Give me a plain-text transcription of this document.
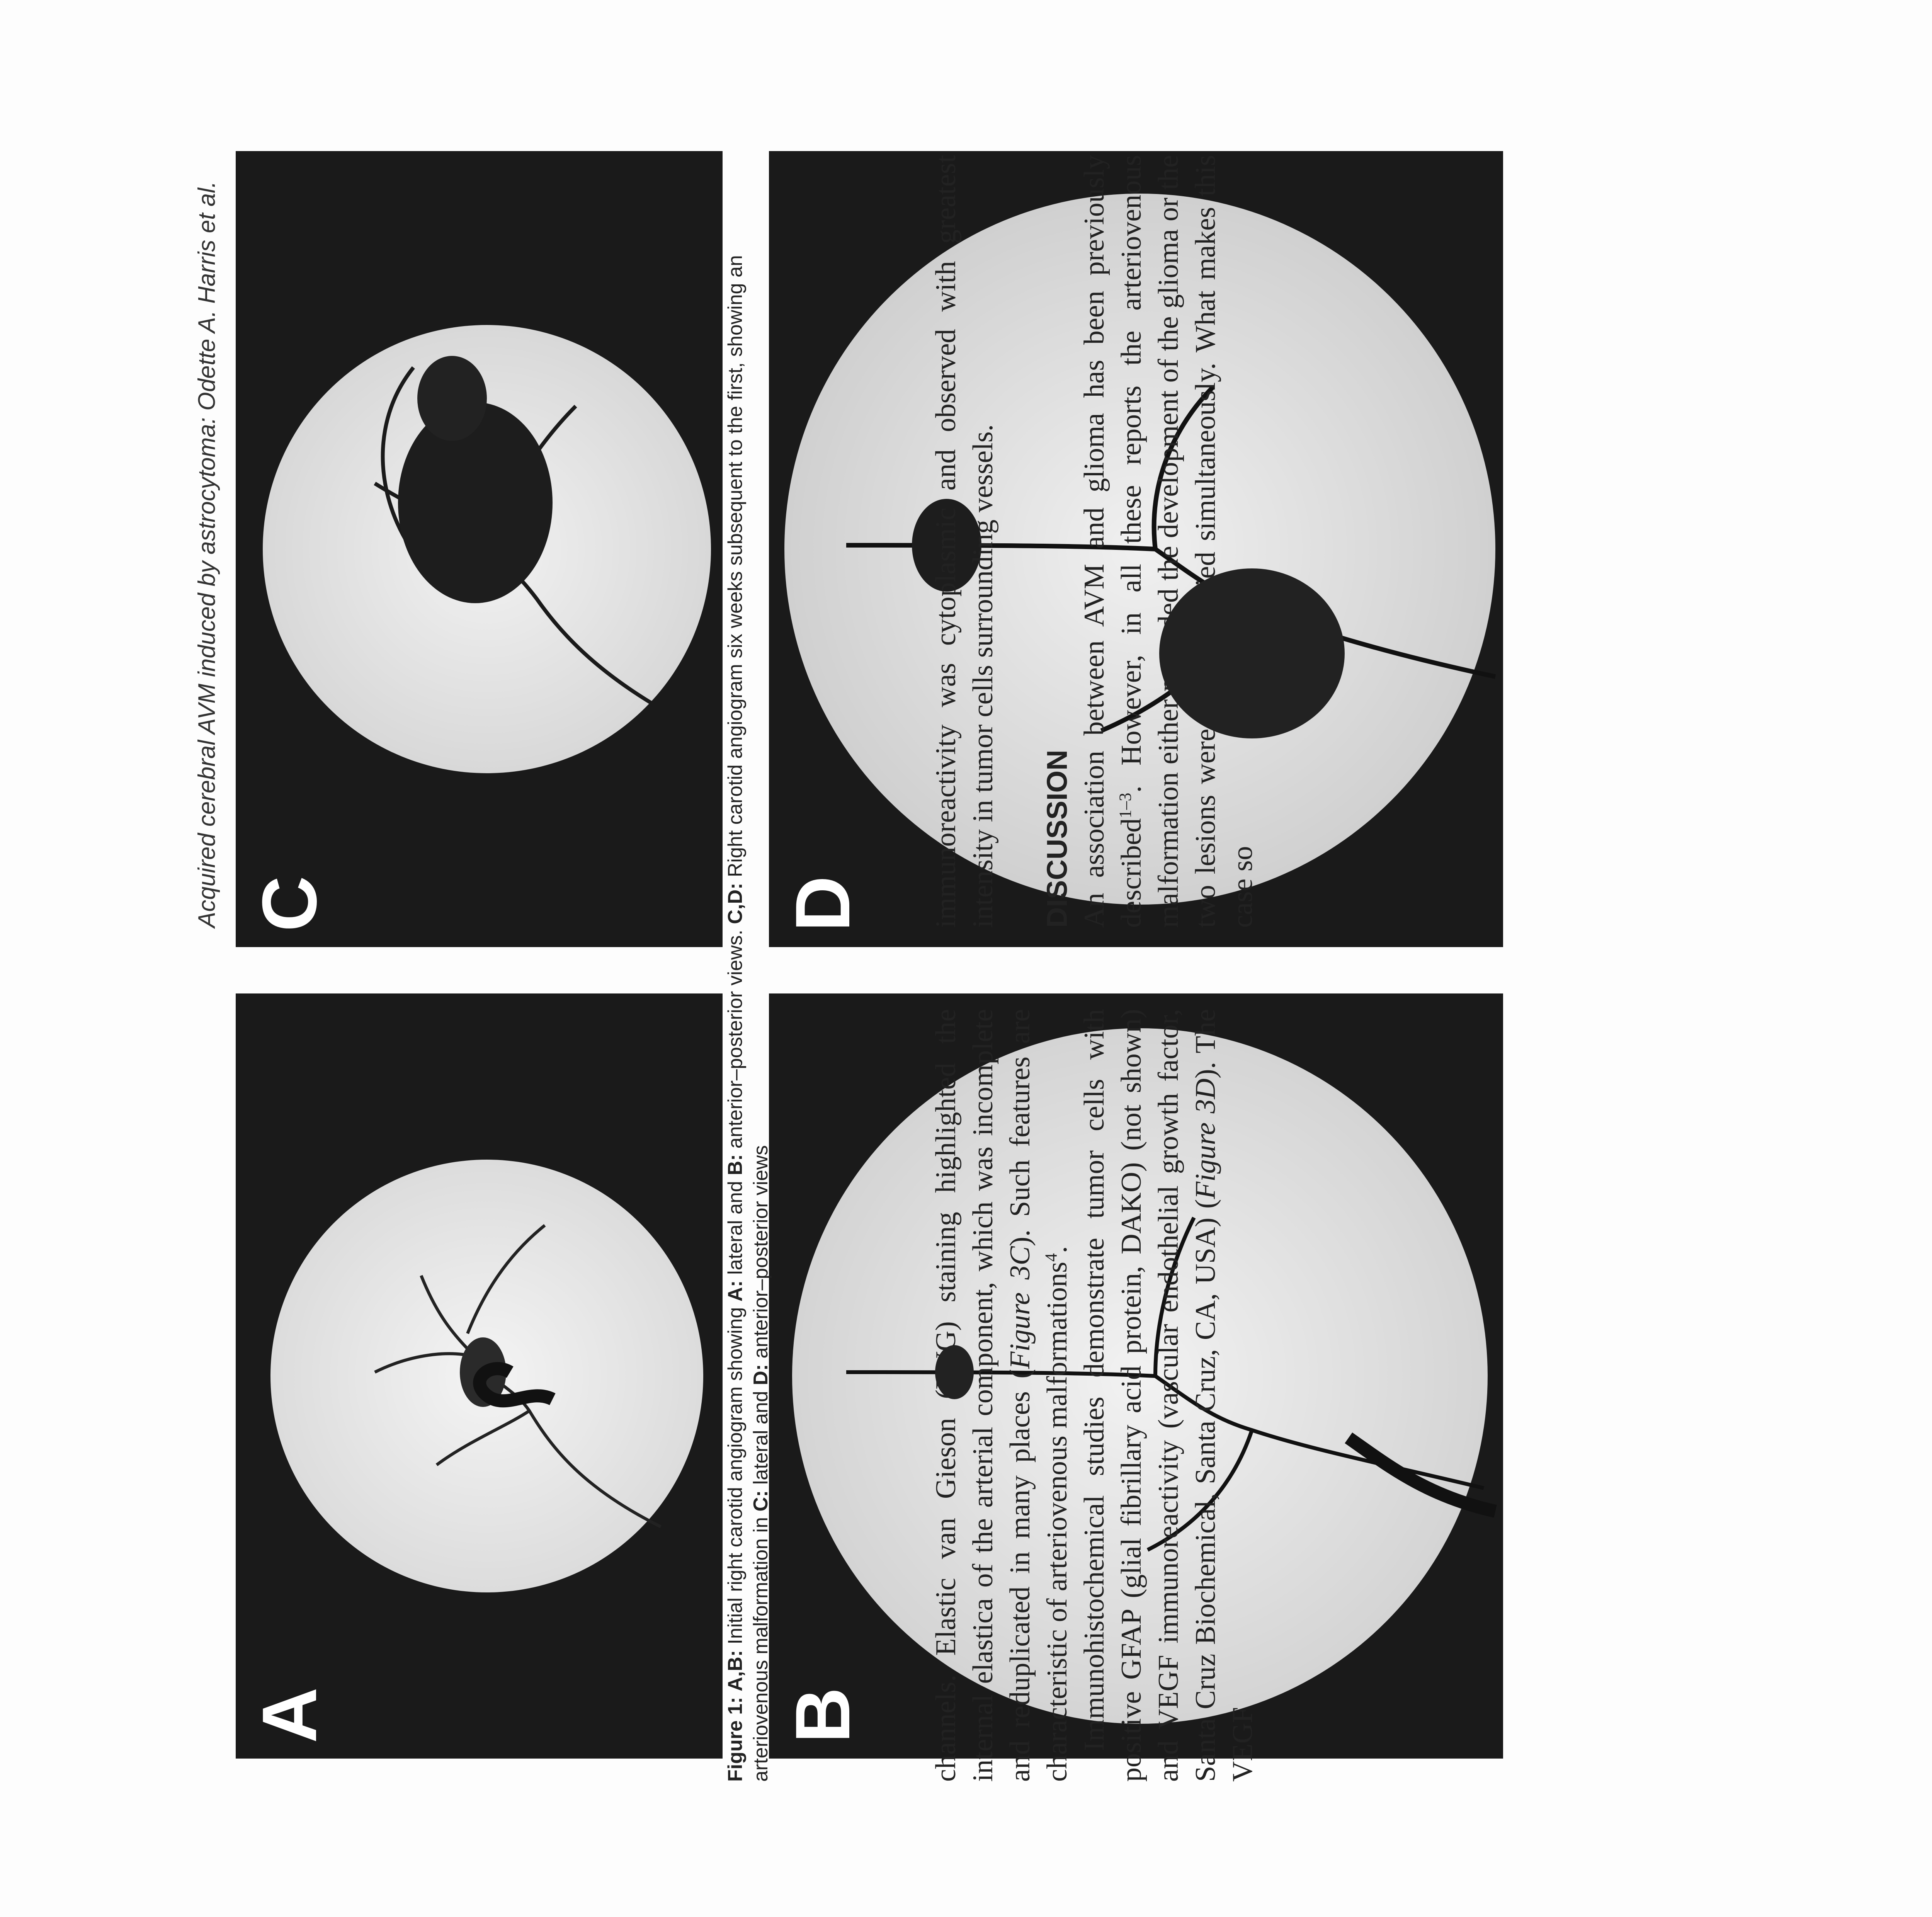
Acquired cerebral AVM induced by astrocytoma: Odette A. Harris et al.
A
C
B
D
Figure 1: A,B: Initial right carotid angiogram showing A: lateral and B: anterior–posterior views. C,D: Right carotid angiogram six weeks subsequent to the first, showing an arteriovenous malformation in C: lateral and D: anterior–posterior views	channels. Elastic van Gieson (EVG) staining highlighted the internal elastica of the arterial component, which was incomplete and reduplicated in many places (Figure 3C). Such features are characteristic of arteriovenous malformations$^4$. Immunohistochemical studies demonstrate tumor cells with positive GFAP (glial fibrillary acid protein, DAKO) (not shown) and VEGF immunoreactivity (vascular endothelial growth factor, Santa Cruz Biochemical, Santa Cruz, CA, USA) (Figure 3D). The VEGF

immunoreactivity was cytoplasmic and observed with greatest intensity in tumor cells surrounding vessels. DISCUSSION An association between AVM and glioma has been previously described$^{1-3}$. However, in all these reports the arteriovenous malformation either preceded the development of the glioma or the two lesions were first identified simultaneously. What makes this case so
